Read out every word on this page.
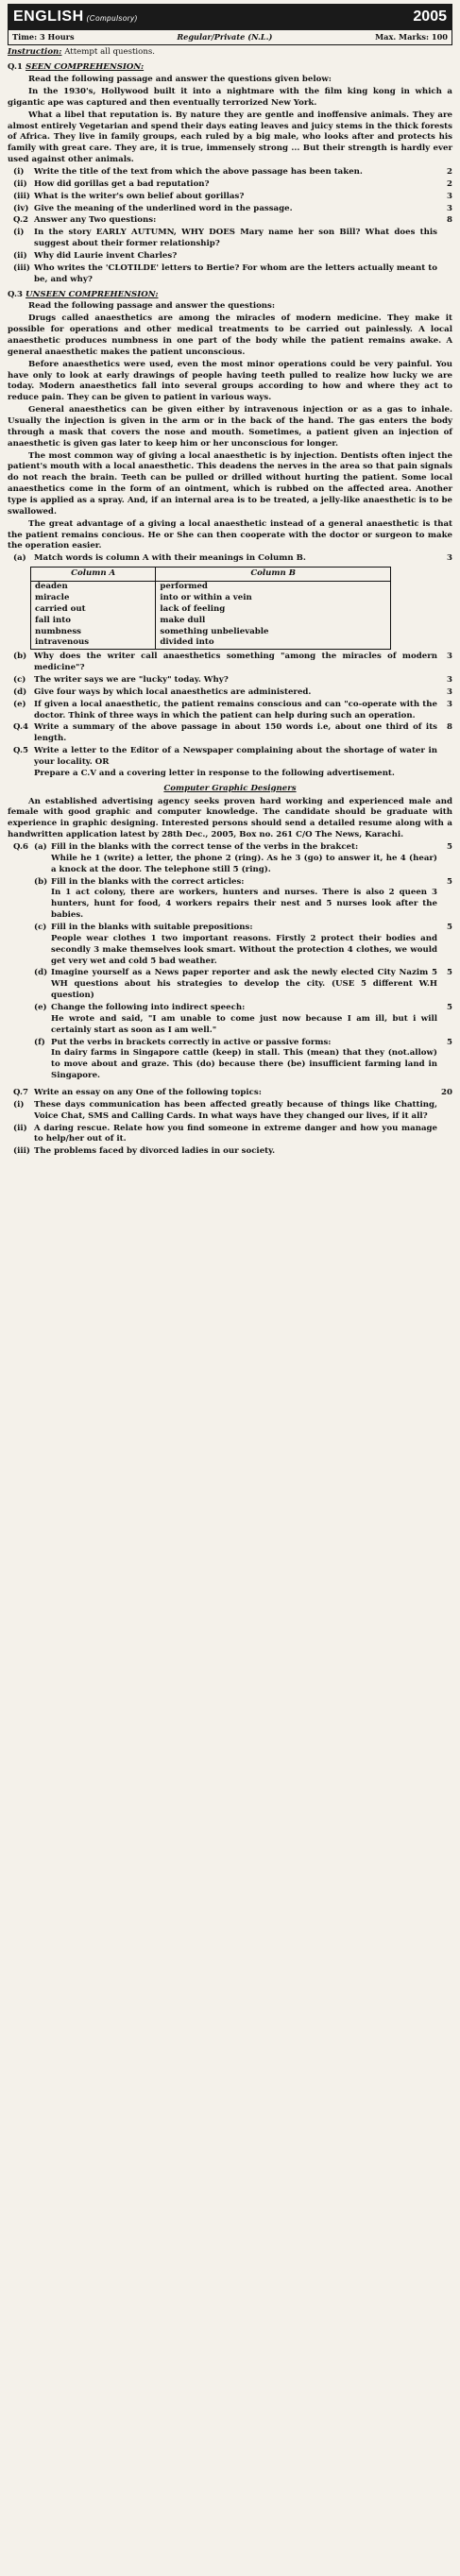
ENGLISH (Compulsory)	2005
Time: 3 Hours	Regular/Private (N.L.)	Max. Marks: 100
Instruction: Attempt all questions.
Q.1 SEEN COMPREHENSION:
Read the following passage and answer the questions given below:
In the 1930's, Hollywood built it into a nightmare with the film king kong in which a gigantic ape was captured and then eventually terrorized New York.
What a libel that reputation is. By nature they are gentle and inoffensive animals. They are almost entirely Vegetarian and spend their days eating leaves and juicy stems in the thick forests of Africa. They live in family groups, each ruled by a big male, who looks after and protects his family with great care. They are, it is true, immensely strong ... But their strength is hardly ever used against other animals.
(i)	Write the title of the text from which the above passage has been taken.	2
(ii) How did gorillas get a bad reputation?	2
(iii) What is the writer's own belief about gorillas?	3
(iv) Give the meaning of the underlined word in the passage.	3
Q.2 Answer any Two questions:	8
(i)	In the story EARLY AUTUMN, WHY DOES Mary name her son Bill? What does this suggest about their former relationship?
(ii) Why did Laurie invent Charles?
(iii) Who writes the 'CLOTILDE' letters to Bertie? For whom are the letters actually meant to be, and why?
Q.3 UNSEEN COMPREHENSION:
Read the following passage and answer the questions:
Drugs called anaesthetics are among the miracles of modern medicine. They make it possible for operations and other medical treatments to be carried out painlessly. A local anaesthetic produces numbness in one part of the body while the patient remains awake. A general anaesthetic makes the patient unconscious.
Before anaesthetics were used, even the most minor operations could be very painful. You have only to look at early drawings of people having teeth pulled to realize how lucky we are today. Modern anaesthetics fall into several groups according to how and where they act to reduce pain. They can be given to patient in various ways.
General anaesthetics can be given either by intravenous injection or as a gas to inhale. Usually the injection is given in the arm or in the back of the hand. The gas enters the body through a mask that covers the nose and mouth. Sometimes, a patient given an injection of anaesthetic is given gas later to keep him or her unconscious for longer.
The most common way of giving a local anaesthetic is by injection. Dentists often inject the patient's mouth with a local anaesthetic. This deadens the nerves in the area so that pain signals do not reach the brain. Teeth can be pulled or drilled without hurting the patient. Some local anaesthetics come in the form of an ointment, which is rubbed on the affected area. Another type is applied as a spray. And, if an internal area is to be treated, a jelly-like anaesthetic is to be swallowed.
The great advantage of a giving a local anaesthetic instead of a general anaesthetic is that the patient remains concious. He or She can then cooperate with the doctor or surgeon to make the operation easier.
(a) Match words is column A with their meanings in Column B.	3
Column A	Column B
deaden	performed
miracle	into or within a vein
carried out	lack of feeling
fall into	make dull
numbness	something unbelievable
intravenous	divided into
(b) Why does the writer call anaesthetics something "among the miracles of modern medicine"?
3
(c)	The writer says we are "lucky" today. Why?	3
(d) Give four ways by which local anaesthetics are administered.	3
(e) If given a local anaesthetic, the patient remains conscious and can "co-operate with the doctor. Think of three ways in which the patient can help during such an operation.
3
Q.4 Write a summary of the above passage in about 150 words i.e, about one third of its length.
8
Q.5 Write a letter to the Editor of a Newspaper complaining about the shortage of water in your locality. OR
Prepare a C.V and a covering letter in response to the following advertisement.
Computer Graphic Designers
An established advertising agency seeks proven hard working and experienced male and female with good graphic and computer knowledge. The candidate should be graduate with experience in graphic designing. Interested persons should send a detailed resume along with a handwritten application latest by 28th Dec., 2005, Box no. 261 C/O The News, Karachi.
Q.6 (a) Fill in the blanks with the correct tense of the verbs in the brakcet:
While he 1 (write) a letter, the phone 2 (ring). As he 3 (go) to answer it, he 4 (hear) a knock at the door. The telephone still 5 (ring).
5
(b) Fill in the blanks with the correct articles:
In 1 act colony, there are workers, hunters and nurses. There is also 2 queen 3 hunters, hunt for food, 4 workers repairs their nest and 5 nurses look after the babies.
5
(c) Fill in the blanks with suitable prepositions:
People wear clothes 1 two important reasons. Firstly 2 protect their bodies and secondly 3 make themselves look smart. Without the protection 4 clothes, we would get very wet and cold 5 bad weather.
5
(d) Imagine yourself as a News paper reporter and ask the newly elected City Nazim 5 WH questions about his strategies to develop the city. (USE 5 different W.H question)
5
(e) Change the following into indirect speech:
He wrote and said, "I am unable to come just now because I am ill, but i will certainly start as soon as I am well."
5
(f) Put the verbs in brackets correctly in active or passive forms:
In dairy farms in Singapore cattle (keep) in stall. This (mean) that they (not.allow) to move about and graze. This (do) because there (be) insufficient farming land in Singapore.
5
Q.7 Write an essay on any One of the following topics:	20
(i)	These days communication has been affected greatly because of things like Chatting, Voice Chat, SMS and Calling Cards. In what ways have they changed our lives, if it all?
(ii) A daring rescue. Relate how you find someone in extreme danger and how you manage to help/her out of it.
(iii) The problems faced by divorced ladies in our society.
